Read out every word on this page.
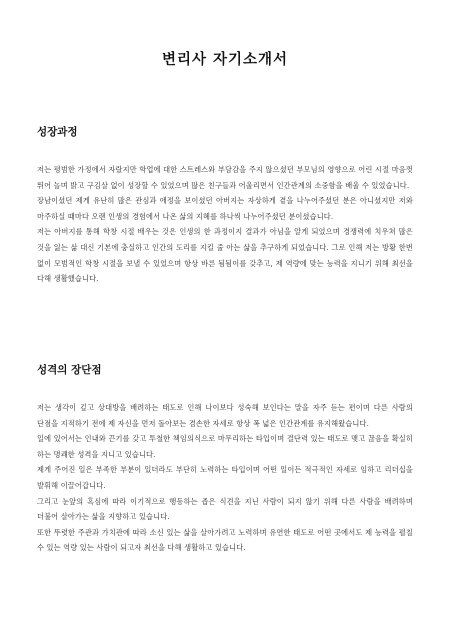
변리사 자기소개서
성장과정

저는 평범한 가정에서 자랐지만 학업에 대한 스트레스와 부담감을 주지 않으셨던 부모님의 영향으로 어린 시절 마음껏 뛰어 놀며 밝고 구김살 없이 성장할 수 있었으며 많은 친구들과 어울리면서 인간관계의 소중함을 배울 수 있었습니다.

장남이셨던 제게 유난히 많은 관심과 애정을 보이셨던 아버지는 자상하게 곁을 나누어주셨던 분은 아니셨지만 저와 마주하실 때마다 오랜 인생의 경험에서 나온 삶의 지혜를 하나씩 나누어주셨던 분이셨습니다.

저는 아버지를 통해 학창 시절 배우는 것은 인생의 한 과정이지 결과가 아님을 알게 되었으며 경쟁력에 치우쳐 많은 것을 잃는 삶 대신 기본에 충실하고 인간의 도리를 지킬 줄 아는 삶을 추구하게 되었습니다. 그로 인해 저는 방황 한번 없이 모범적인 학창 시절을 보낼 수 있었으며 항상 바른 됨됨이를 갖추고, 제 역량에 맞는 능력을 지니기 위해 최선을 다해 생활했습니다.

성격의 장단점

저는 생각이 깊고 상대방을 배려하는 태도로 인해 나이보다 성숙해 보인다는 말을 자주 듣는 편이며 다른 사람의 단점을 지적하기 전에 제 자신을 먼저 돌아보는 겸손한 자세로 항상 폭 넓은 인간관계를 유지해왔습니다.

일에 있어서는 인내와 끈기를 갖고 투철한 책임의식으로 마무리하는 타입이며 결단력 있는 태도로 맺고 끊음을 확실히 하는 명쾌한 성격을 지니고 있습니다.

제게 주어진 일은 부족한 부분이 있더라도 부단히 노력하는 타입이며 어떤 일이든 적극적인 자세로 임하고 리더십을 발휘해 이끌어갑니다.

그리고 눈앞의 혹심에 따라 이기적으로 행동하는 좁은 식견을 지닌 사람이 되지 않기 위해 다른 사람을 배려하며 더불어 살아가는 삶을 지향하고 있습니다.

또한 뚜렷한 주관과 가치관에 따라 소신 있는 삶을 살아가려고 노력하며 유연한 태도로 어떤 곳에서도 제 능력을 펼칠 수 있는 역량 있는 사람이 되고자 최선을 다해 생활하고 있습니다.
